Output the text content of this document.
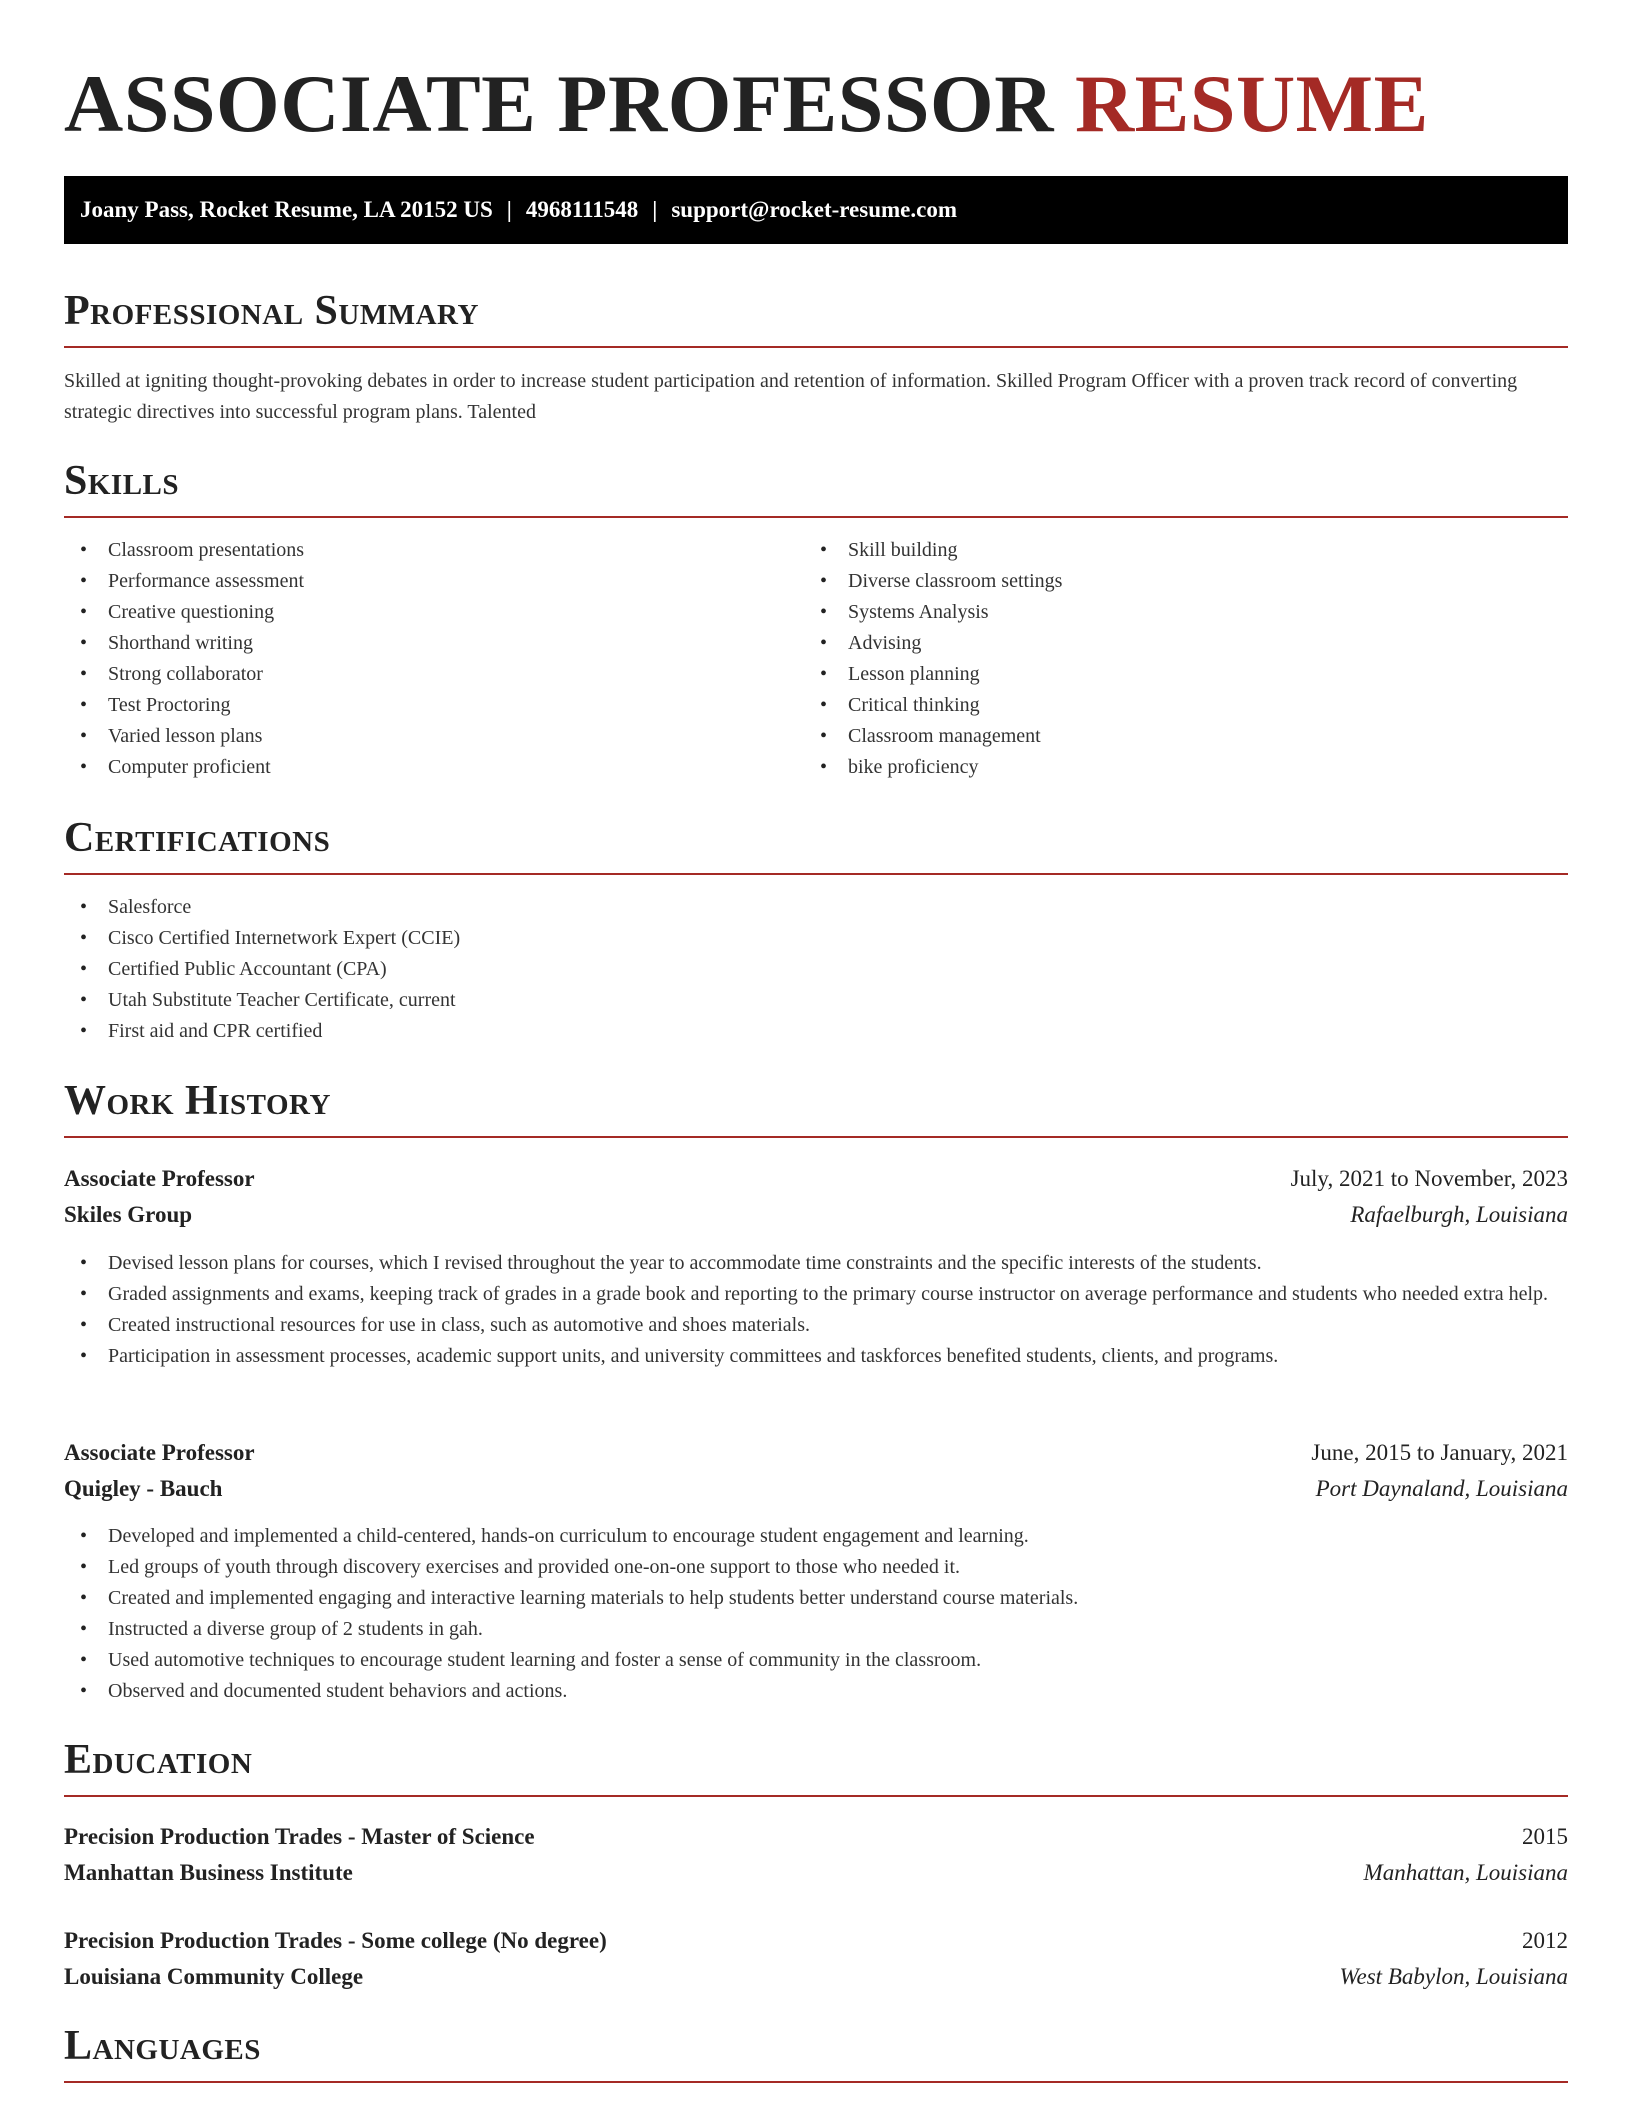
ASSOCIATE PROFESSOR RESUME
Joany Pass, Rocket Resume, LA 20152 US | 4968111548 | support@rocket-resume.com
Professional Summary

Skilled at igniting thought-provoking debates in order to increase student participation and retention of information. Skilled Program Officer with a proven track record of converting strategic directives into successful program plans. Talented

Skills
• Classroom presentations
• Performance assessment
• Creative questioning
• Shorthand writing
• Strong collaborator
• Test Proctoring
• Varied lesson plans
• Computer proficient
• Skill building
• Diverse classroom settings
• Systems Analysis
• Advising
• Lesson planning
• Critical thinking
• Classroom management
• bike proficiency
Certifications
• Salesforce
• Cisco Certified Internetwork Expert (CCIE)
• Certified Public Accountant (CPA)
• Utah Substitute Teacher Certificate, current
• First aid and CPR certified
Work History
Associate Professor	July, 2021 to November, 2023
Skiles Group	Rafaelburgh, Louisiana
• Devised lesson plans for courses, which I revised throughout the year to accommodate time constraints and the specific interests of the students.
• Graded assignments and exams, keeping track of grades in a grade book and reporting to the primary course instructor on average performance and students who needed extra help.
• Created instructional resources for use in class, such as automotive and shoes materials.
• Participation in assessment processes, academic support units, and university committees and taskforces benefited students, clients, and programs.
Associate Professor	June, 2015 to January, 2021
Quigley - Bauch	Port Daynaland, Louisiana
• Developed and implemented a child-centered, hands-on curriculum to encourage student engagement and learning.
• Led groups of youth through discovery exercises and provided one-on-one support to those who needed it.
• Created and implemented engaging and interactive learning materials to help students better understand course materials.
• Instructed a diverse group of 2 students in gah.
• Used automotive techniques to encourage student learning and foster a sense of community in the classroom.
• Observed and documented student behaviors and actions.
Education
Precision Production Trades - Master of Science	2015
Manhattan Business Institute	Manhattan, Louisiana
Precision Production Trades - Some college (No degree)	2012
Louisiana Community College	West Babylon, Louisiana
Languages
